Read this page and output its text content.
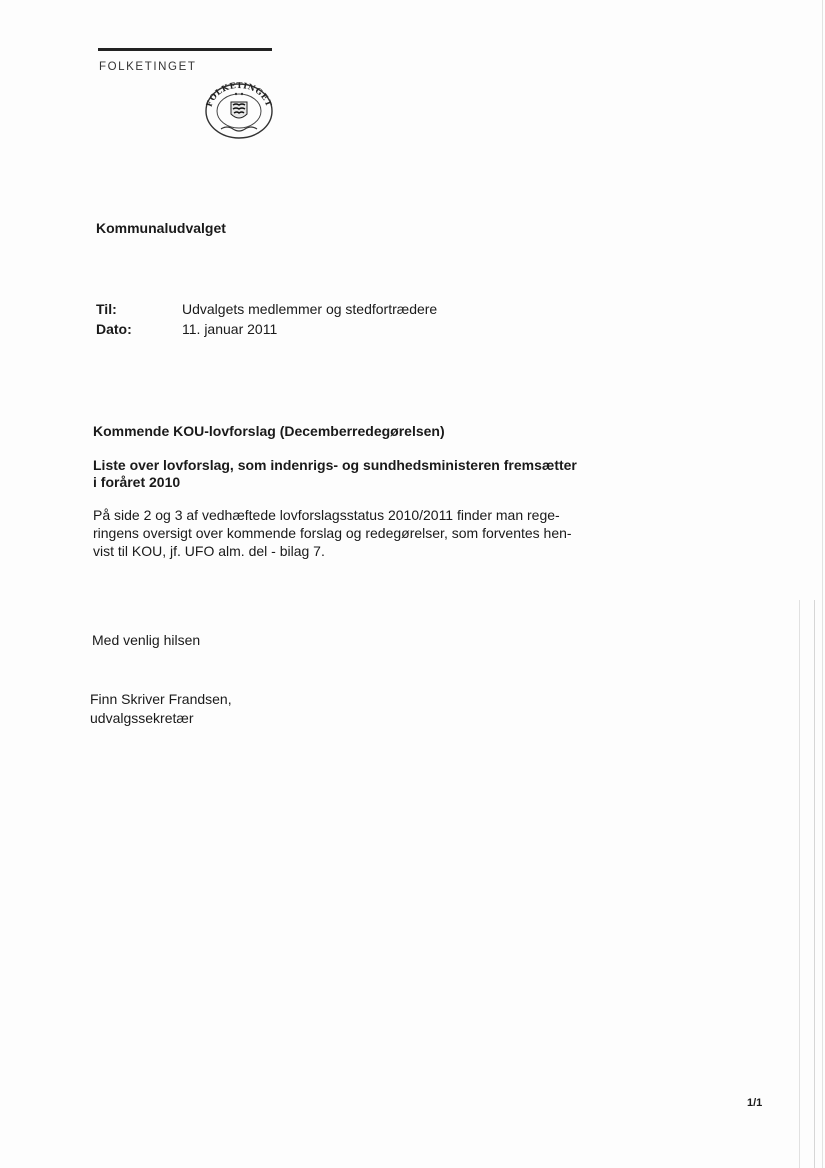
FOLKETINGET
FOLKETINGET
Kommunaludvalget
Til:	Udvalgets medlemmer og stedfortrædere
Dato:	11. januar 2011
Kommende KOU-lovforslag (Decemberredegørelsen)
Liste over lovforslag, som indenrigs- og sundhedsministeren fremsætter
i foråret 2010
På side 2 og 3 af vedhæftede lovforslagsstatus 2010/2011 finder man rege-
ringens oversigt over kommende forslag og redegørelser, som forventes hen-
vist til KOU, jf. UFO alm. del - bilag 7.
Med venlig hilsen
Finn Skriver Frandsen,
udvalgssekretær
1/1
